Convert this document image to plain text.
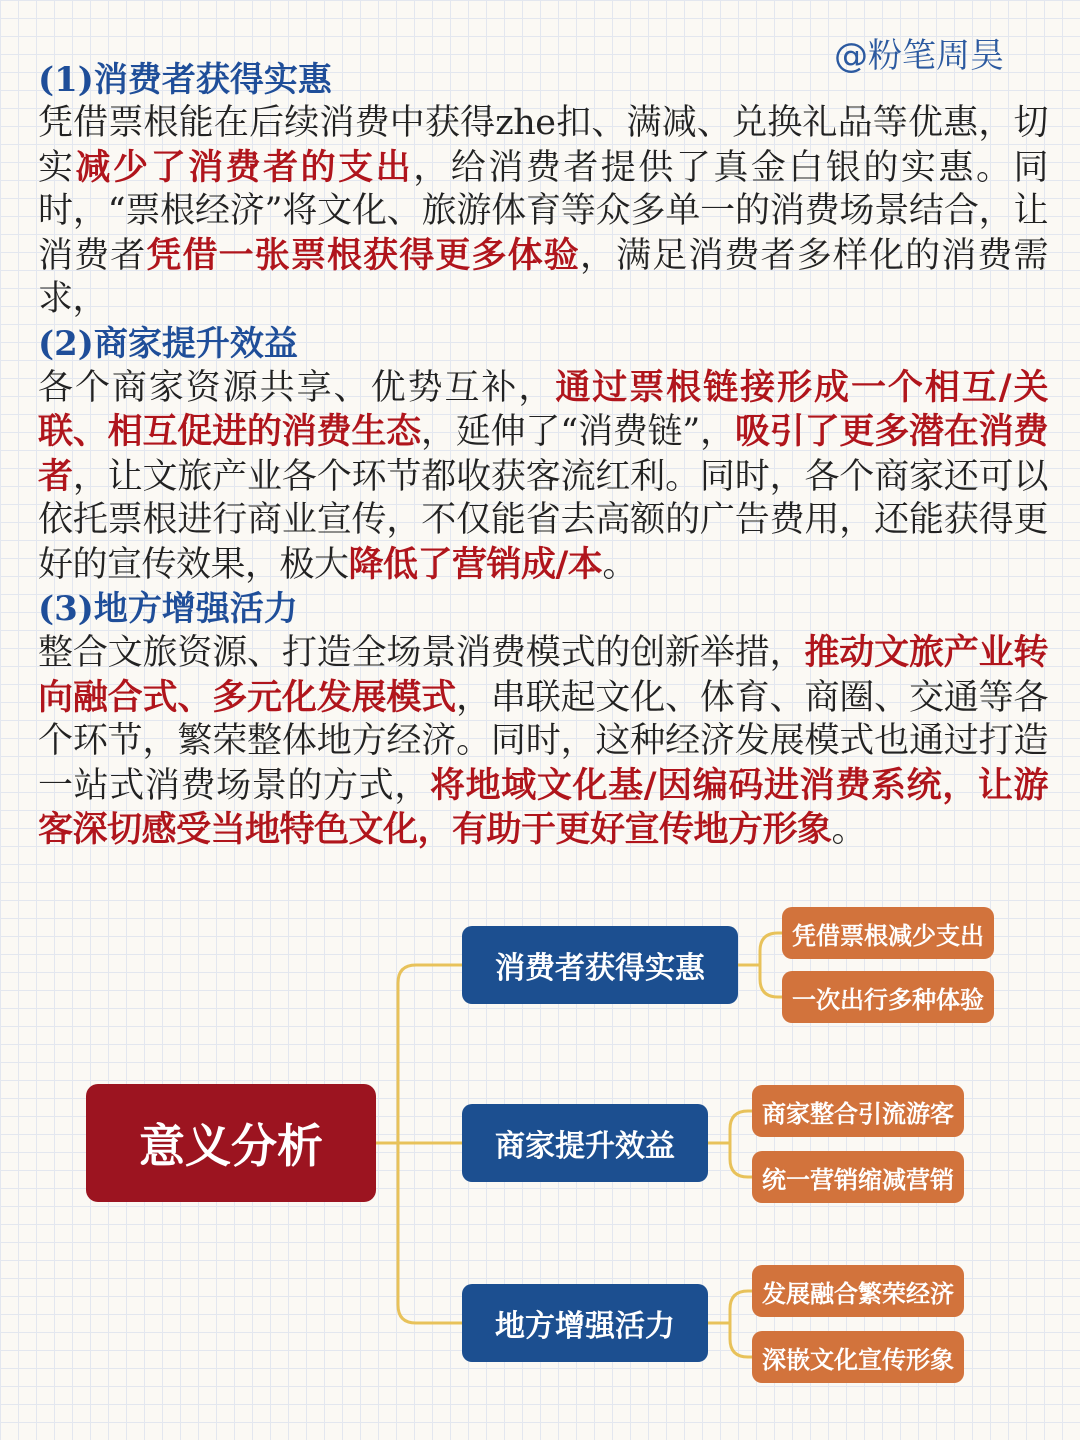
@粉笔周昊

(1)消费者获得实惠

凭借票根能在后续消费中获得zhe扣、满减、兑换礼品等优惠，切实减少了消费者的支出，给消费者提供了真金白银的实惠。同时，“票根经济”将文化、旅游体育等众多单一的消费场景结合，让消费者凭借一张票根获得更多体验，满足消费者多样化的消费需求，

(2)商家提升效益

各个商家资源共享、优势互补，通过票根链接形成一个相互/关联、相互促进的消费生态，延伸了“消费链”，吸引了更多潜在消费者，让文旅产业各个环节都收获客流红利。同时，各个商家还可以依托票根进行商业宣传，不仅能省去高额的广告费用，还能获得更好的宣传效果，极大降低了营销成/本。

(3)地方增强活力

整合文旅资源、打造全场景消费模式的创新举措，推动文旅产业转向融合式、多元化发展模式，串联起文化、体育、商圈、交通等各个环节，繁荣整体地方经济。同时，这种经济发展模式也通过打造一站式消费场景的方式，将地域文化基/因编码进消费系统，让游客深切感受当地特色文化，有助于更好宣传地方形象。

意义分析
消费者获得实惠
商家提升效益
地方增强活力
凭借票根减少支出
一次出行多种体验
商家整合引流游客
统一营销缩减营销
发展融合繁荣经济
深嵌文化宣传形象
